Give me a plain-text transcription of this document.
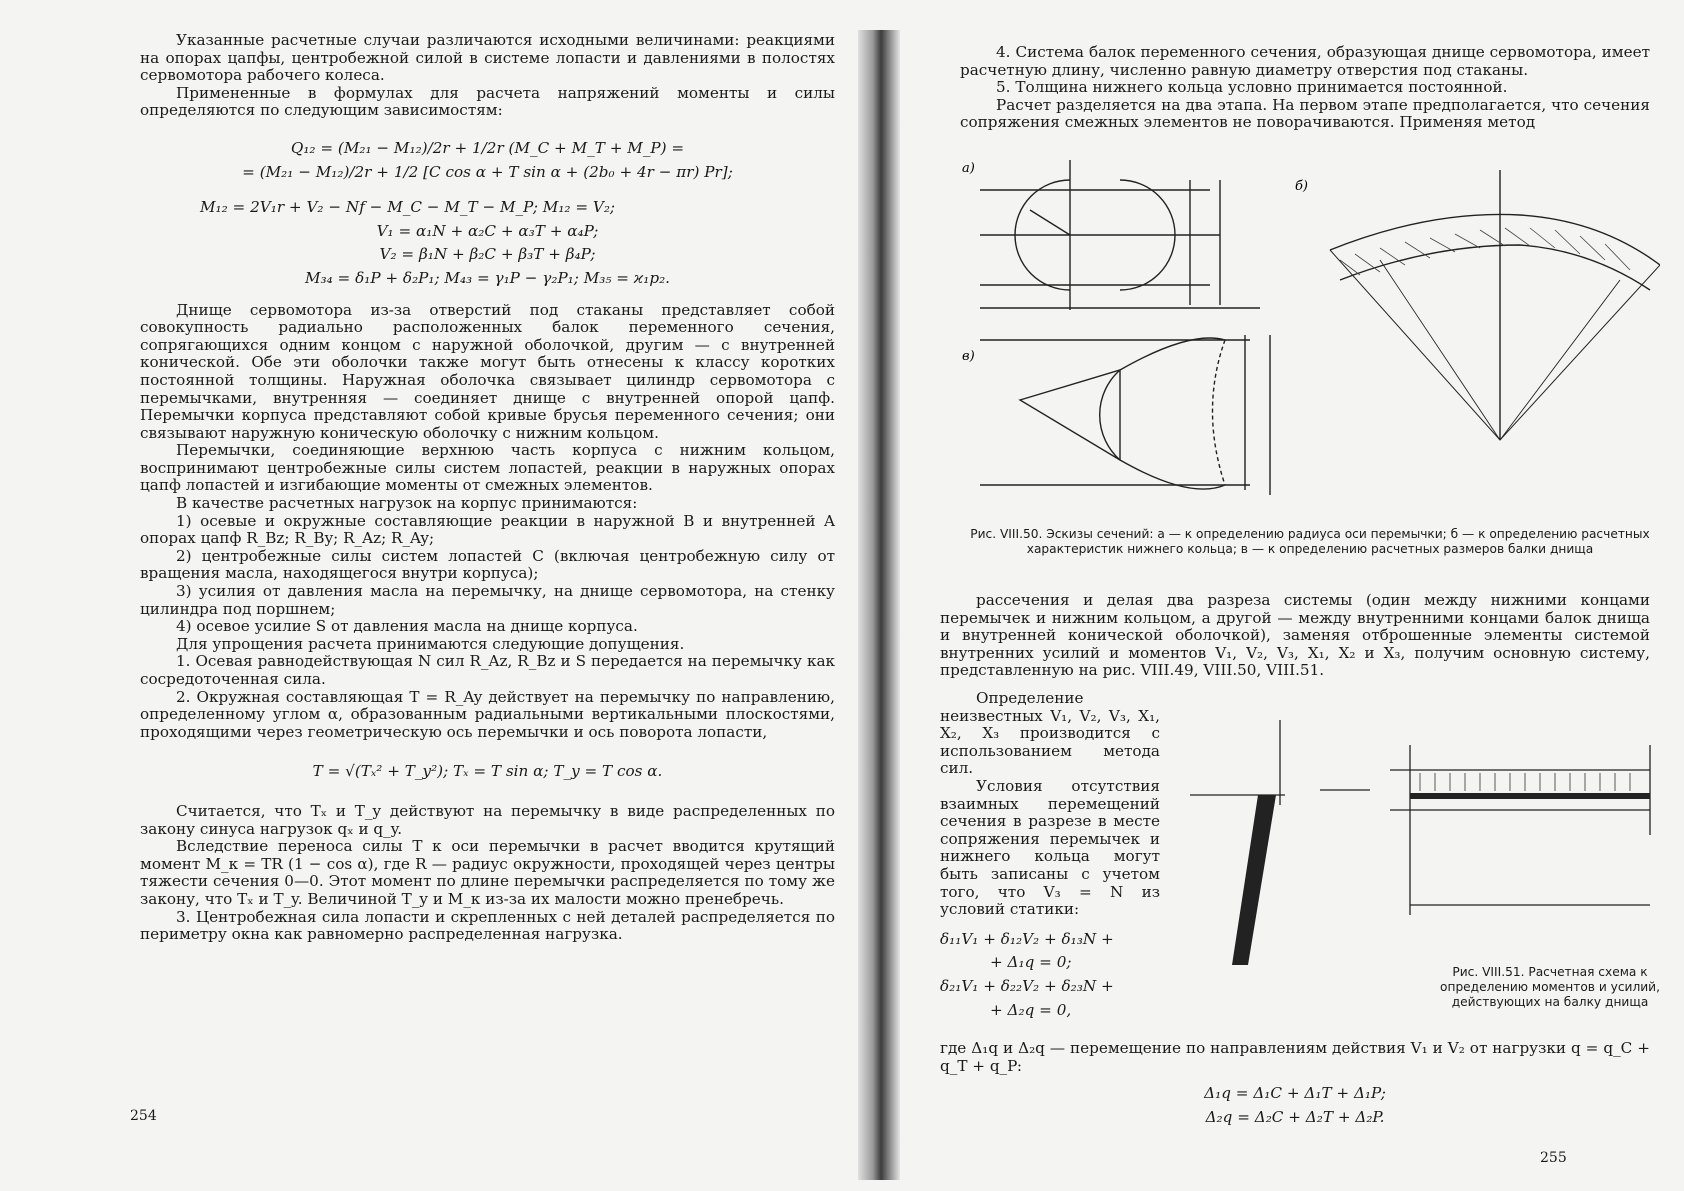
Указанные расчетные случаи различаются исходными величинами: реакциями на опорах цапфы, центробежной силой в системе лопасти и давлениями в полостях сервомотора рабочего колеса.

Примененные в формулах для расчета напряжений моменты и силы определяются по следующим зависимостям:

Q₁₂ = (M₂₁ − M₁₂)/2r + 1/2r (M_C + M_T + M_P) =
= (M₂₁ − M₁₂)/2r + 1/2 [C cos α + T sin α + (2b₀ + 4r − πr) Pr];
M₁₂ = 2V₁r + V₂ − Nf − M_C − M_T − M_P; M₁₂ = V₂;
V₁ = α₁N + α₂C + α₃T + α₄P;
V₂ = β₁N + β₂C + β₃T + β₄P;
M₃₄ = δ₁P + δ₂P₁; M₄₃ = γ₁P − γ₂P₁; M₃₅ = ϰ₁p₂.

Днище сервомотора из-за отверстий под стаканы представляет собой совокупность радиально расположенных балок переменного сечения, сопрягающихся одним концом с наружной оболочкой, другим — с внутренней конической. Обе эти оболочки также могут быть отнесены к классу коротких постоянной толщины. Наружная оболочка связывает цилиндр сервомотора с перемычками, внутренняя — соединяет днище с внутренней опорой цапф. Перемычки корпуса представляют собой кривые брусья переменного сечения; они связывают наружную коническую оболочку с нижним кольцом.

Перемычки, соединяющие верхнюю часть корпуса с нижним кольцом, воспринимают центробежные силы систем лопастей, реакции в наружных опорах цапф лопастей и изгибающие моменты от смежных элементов.

В качестве расчетных нагрузок на корпус принимаются:

1) осевые и окружные составляющие реакции в наружной B и внутренней A опорах цапф R_Bz; R_By; R_Az; R_Ay;

2) центробежные силы систем лопастей C (включая центробежную силу от вращения масла, находящегося внутри корпуса);

3) усилия от давления масла на перемычку, на днище сервомотора, на стенку цилиндра под поршнем;

4) осевое усилие S от давления масла на днище корпуса.

Для упрощения расчета принимаются следующие допущения.

1. Осевая равнодействующая N сил R_Az, R_Bz и S передается на перемычку как сосредоточенная сила.

2. Окружная составляющая T = R_Ay действует на перемычку по направлению, определенному углом α, образованным радиальными вертикальными плоскостями, проходящими через геометрическую ось перемычки и ось поворота лопасти,

T = √(Tₓ² + T_y²); Tₓ = T sin α; T_y = T cos α.

Считается, что Tₓ и T_y действуют на перемычку в виде распределенных по закону синуса нагрузок qₓ и q_y.

Вследствие переноса силы T к оси перемычки в расчет вводится крутящий момент M_к = TR (1 − cos α), где R — радиус окружности, проходящей через центры тяжести сечения 0—0. Этот момент по длине перемычки распределяется по тому же закону, что Tₓ и T_y. Величиной T_y и M_к из-за их малости можно пренебречь.

3. Центробежная сила лопасти и скрепленных с ней деталей распределяется по периметру окна как равномерно распределенная нагрузка.

254

4. Система балок переменного сечения, образующая днище сервомотора, имеет расчетную длину, численно равную диаметру отверстия под стаканы.

5. Толщина нижнего кольца условно принимается постоянной.

Расчет разделяется на два этапа. На первом этапе предполагается, что сечения сопряжения смежных элементов не поворачиваются. Применяя метод

а)
в)
б)
Рис. VIII.50. Эскизы сечений: а — к определению радиуса оси перемычки; б — к определению расчетных характеристик нижнего кольца; в — к определению расчетных размеров балки днища

рассечения и делая два разреза системы (один между нижними концами перемычек и нижним кольцом, а другой — между внутренними концами балок днища и внутренней конической оболочкой), заменяя отброшенные элементы системой внутренних усилий и моментов V₁, V₂, V₃, X₁, X₂ и X₃, получим основную систему, представленную на рис. VIII.49, VIII.50, VIII.51.

Определение неизвестных V₁, V₂, V₃, X₁, X₂, X₃ производится с использованием метода сил.

Условия отсутствия взаимных перемещений сечения в разрезе в месте сопряжения перемычек и нижнего кольца могут быть записаны с учетом того, что V₃ = N из условий статики:

δ₁₁V₁ + δ₁₂V₂ + δ₁₃N +
+ Δ₁q = 0;
δ₂₁V₁ + δ₂₂V₂ + δ₂₃N +
+ Δ₂q = 0,
Рис. VIII.51. Расчетная схема к определению моментов и усилий, действующих на балку днища

где Δ₁q и Δ₂q — перемещение по направлениям действия V₁ и V₂ от нагрузки q = q_C + q_T + q_P:

Δ₁q = Δ₁C + Δ₁T + Δ₁P;
Δ₂q = Δ₂C + Δ₂T + Δ₂P.
255
